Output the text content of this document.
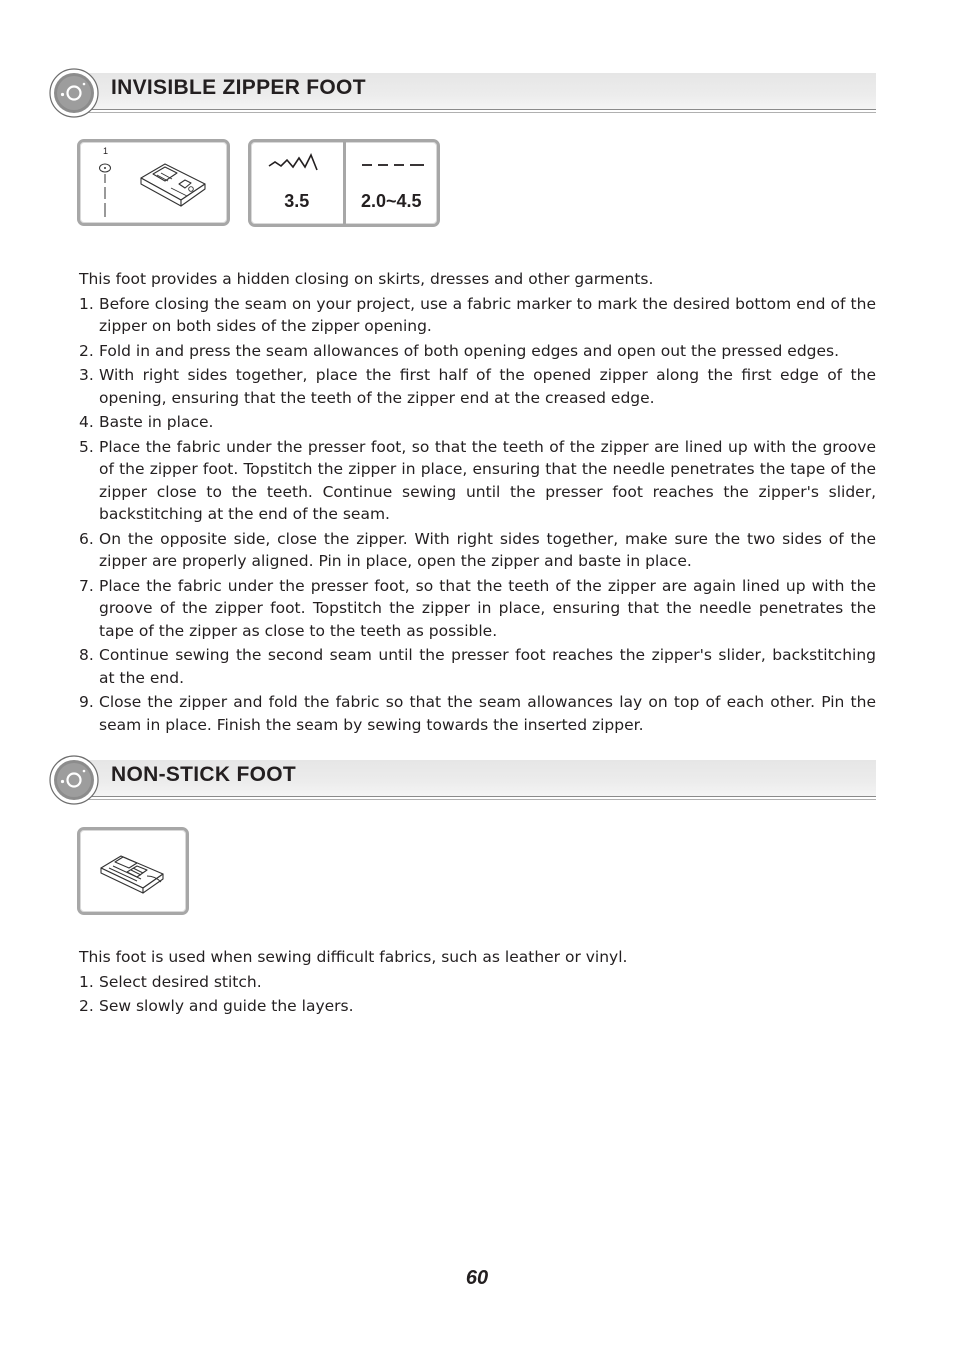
INVISIBLE ZIPPER FOOT
1
3.5	2.0~4.5

This foot provides a hidden closing on skirts, dresses and other garments.

1. Before closing the seam on your project, use a fabric marker to mark the desired bottom end of the zipper on both sides of the zipper opening.
2. Fold in and press the seam allowances of both opening edges and open out the pressed edges.
3. With right sides together, place the first half of the opened zipper along the first edge of the opening, ensuring that the teeth of the zipper end at the creased edge.
4. Baste in place.
5. Place the fabric under the presser foot, so that the teeth of the zipper are lined up with the groove of the zipper foot. Topstitch the zipper in place, ensuring that the needle penetrates the tape of the zipper close to the teeth. Continue sewing until the presser foot reaches the zipper's slider, backstitching at the end of the seam.
6. On the opposite side, close the zipper. With right sides together, make sure the two sides of the zipper are properly aligned. Pin in place, open the zipper and baste in place.
7. Place the fabric under the presser foot, so that the teeth of the zipper are again lined up with the groove of the zipper foot. Topstitch the zipper in place, ensuring that the needle penetrates the tape of the zipper as close to the teeth as possible.
8. Continue sewing the second seam until the presser foot reaches the zipper's slider, backstitching at the end.
9. Close the zipper and fold the fabric so that the seam allowances lay on top of each other. Pin the seam in place. Finish the seam by sewing towards the inserted zipper.
NON-STICK FOOT

This foot is used when sewing difficult fabrics, such as leather or vinyl.

1. Select desired stitch.
2. Sew slowly and guide the layers.
60
